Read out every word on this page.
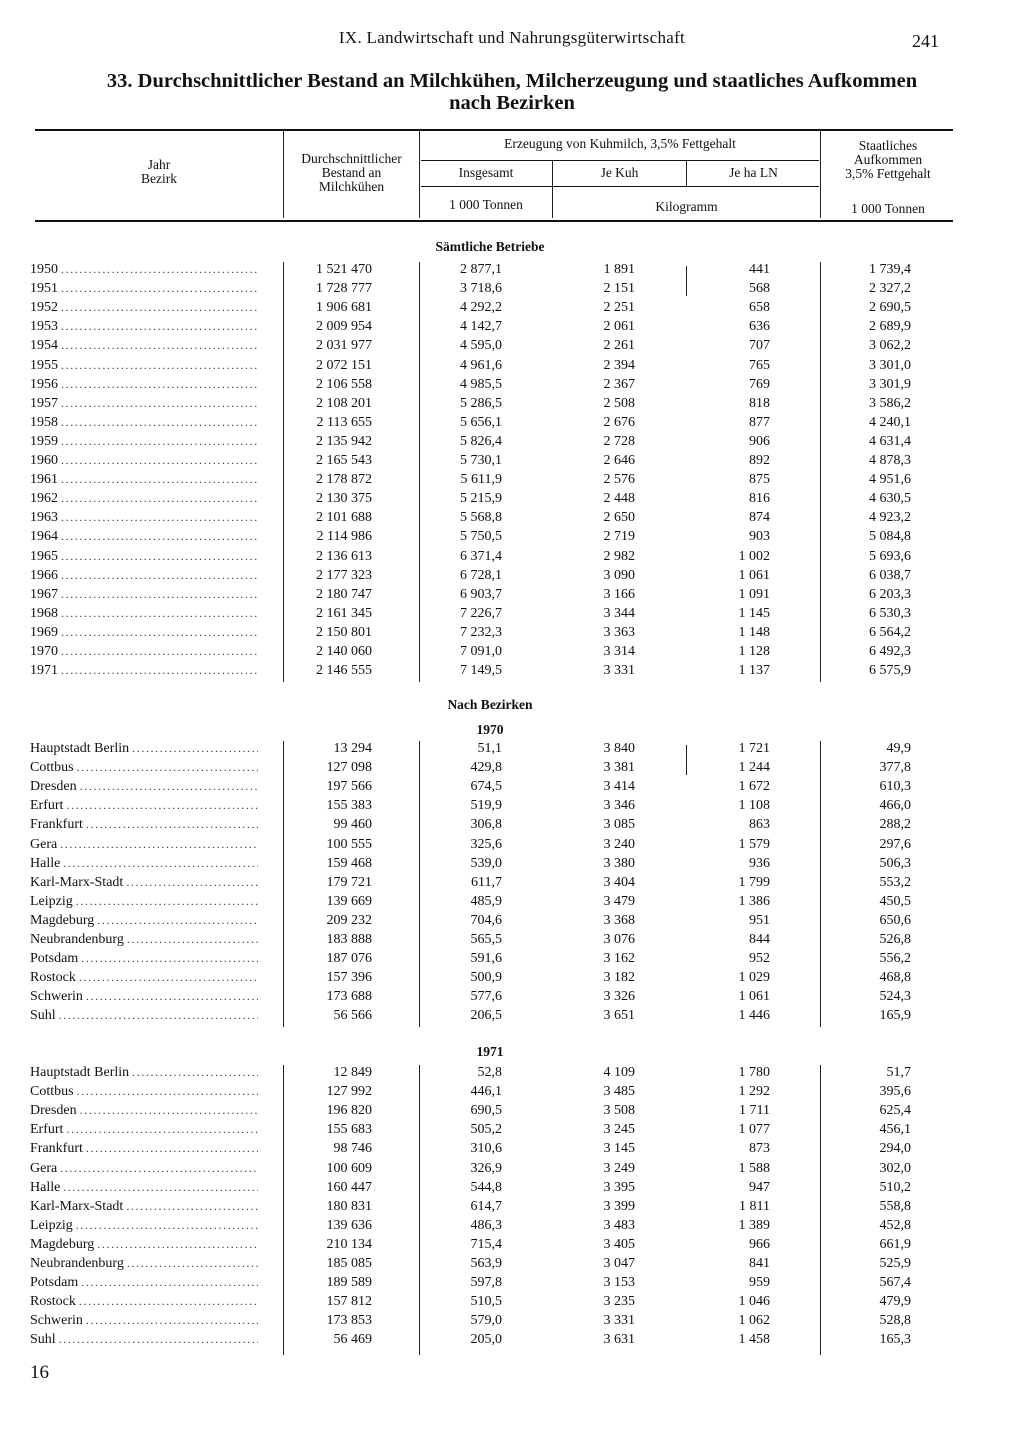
IX. Landwirtschaft und Nahrungsgüterwirtschaft	241
33. Durchschnittlicher Bestand an Milchkühen, Milcherzeugung und staatliches Aufkommen
nach Bezirken
Jahr
Bezirk
Durchschnittlicher
Bestand an
Milchkühen
Erzeugung von Kuhmilch, 3,5% Fettgehalt
Insgesamt	Je Kuh	Je ha LN
Staatliches
Aufkommen
3,5% Fettgehalt
1 000 Tonnen	Kilogramm	1 000 Tonnen
Sämtliche Betriebe
Nach Bezirken
1970
1971
1950 .....	1 521 470	2 877,1	1 891	441	1 739,4
1951 .....	1 728 777	3 718,6	2 151	568	2 327,2
1952 .....	1 906 681	4 292,2	2 251	658	2 690,5
1953 .....	2 009 954	4 142,7	2 061	636	2 689,9
1954 .....	2 031 977	4 595,0	2 261	707	3 062,2
1955 .....	2 072 151	4 961,6	2 394	765	3 301,0
1956 .....	2 106 558	4 985,5	2 367	769	3 301,9
1957 .....	2 108 201	5 286,5	2 508	818	3 586,2
1958 .....	2 113 655	5 656,1	2 676	877	4 240,1
1959 .....	2 135 942	5 826,4	2 728	906	4 631,4
1960 .....	2 165 543	5 730,1	2 646	892	4 878,3
1961 .....	2 178 872	5 611,9	2 576	875	4 951,6
1962 .....	2 130 375	5 215,9	2 448	816	4 630,5
1963 .....	2 101 688	5 568,8	2 650	874	4 923,2
1964 .....	2 114 986	5 750,5	2 719	903	5 084,8
1965 .....	2 136 613	6 371,4	2 982	1 002	5 693,6
1966 .....	2 177 323	6 728,1	3 090	1 061	6 038,7
1967 .....	2 180 747	6 903,7	3 166	1 091	6 203,3
1968 .....	2 161 345	7 226,7	3 344	1 145	6 530,3
1969 .....	2 150 801	7 232,3	3 363	1 148	6 564,2
1970 .....	2 140 060	7 091,0	3 314	1 128	6 492,3
1971 .....	2 146 555	7 149,5	3 331	1 137	6 575,9
Hauptstadt Berlin .....	13 294	51,1	3 840	1 721	49,9
Cottbus .....	127 098	429,8	3 381	1 244	377,8
Dresden .....	197 566	674,5	3 414	1 672	610,3
Erfurt .....	155 383	519,9	3 346	1 108	466,0
Frankfurt .....	99 460	306,8	3 085	863	288,2
Gera .....	100 555	325,6	3 240	1 579	297,6
Halle .....	159 468	539,0	3 380	936	506,3
Karl-Marx-Stadt .....	179 721	611,7	3 404	1 799	553,2
Leipzig .....	139 669	485,9	3 479	1 386	450,5
Magdeburg .....	209 232	704,6	3 368	951	650,6
Neubrandenburg .....	183 888	565,5	3 076	844	526,8
Potsdam .....	187 076	591,6	3 162	952	556,2
Rostock .....	157 396	500,9	3 182	1 029	468,8
Schwerin .....	173 688	577,6	3 326	1 061	524,3
Suhl .....	56 566	206,5	3 651	1 446	165,9
Hauptstadt Berlin .....	12 849	52,8	4 109	1 780	51,7
Cottbus .....	127 992	446,1	3 485	1 292	395,6
Dresden .....	196 820	690,5	3 508	1 711	625,4
Erfurt .....	155 683	505,2	3 245	1 077	456,1
Frankfurt .....	98 746	310,6	3 145	873	294,0
Gera .....	100 609	326,9	3 249	1 588	302,0
Halle .....	160 447	544,8	3 395	947	510,2
Karl-Marx-Stadt .....	180 831	614,7	3 399	1 811	558,8
Leipzig .....	139 636	486,3	3 483	1 389	452,8
Magdeburg .....	210 134	715,4	3 405	966	661,9
Neubrandenburg .....	185 085	563,9	3 047	841	525,9
Potsdam .....	189 589	597,8	3 153	959	567,4
Rostock .....	157 812	510,5	3 235	1 046	479,9
Schwerin .....	173 853	579,0	3 331	1 062	528,8
Suhl .....	56 469	205,0	3 631	1 458	165,3
16
